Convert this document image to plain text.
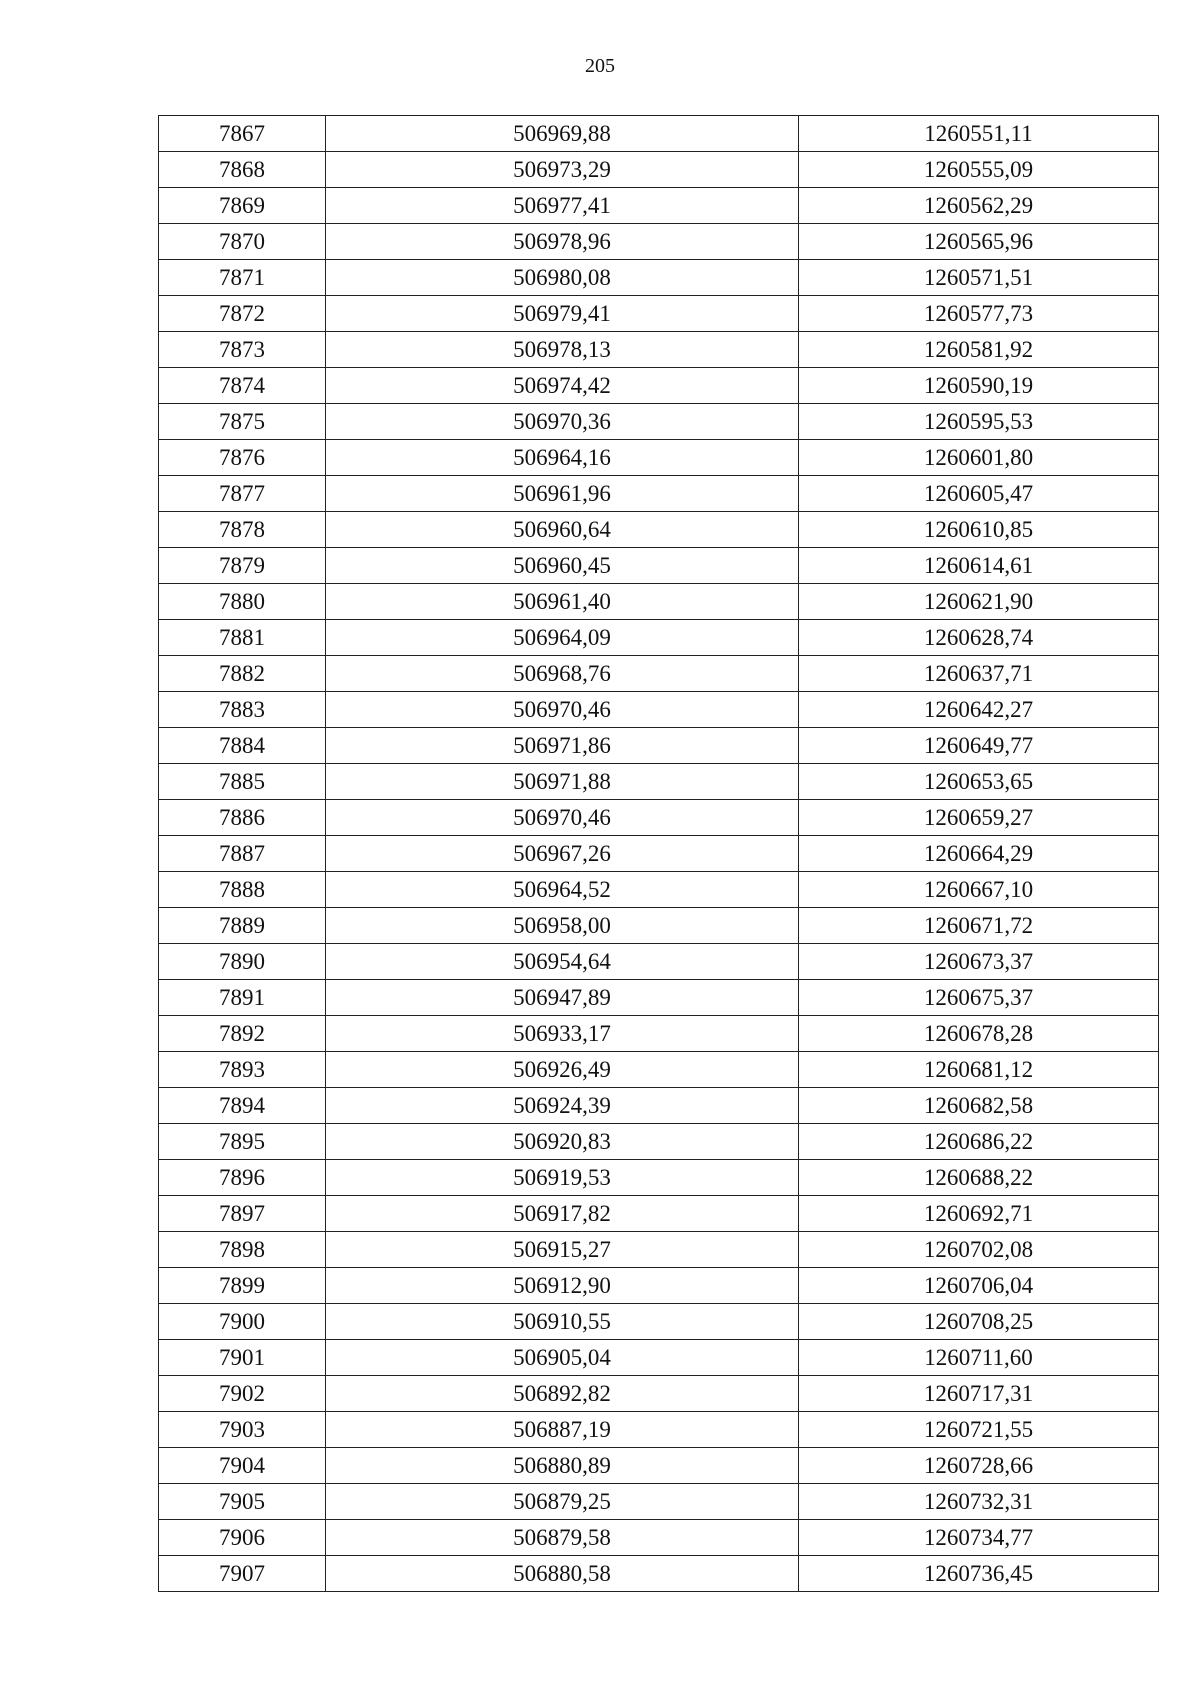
205
7867	506969,88	1260551,11
7868	506973,29	1260555,09
7869	506977,41	1260562,29
7870	506978,96	1260565,96
7871	506980,08	1260571,51
7872	506979,41	1260577,73
7873	506978,13	1260581,92
7874	506974,42	1260590,19
7875	506970,36	1260595,53
7876	506964,16	1260601,80
7877	506961,96	1260605,47
7878	506960,64	1260610,85
7879	506960,45	1260614,61
7880	506961,40	1260621,90
7881	506964,09	1260628,74
7882	506968,76	1260637,71
7883	506970,46	1260642,27
7884	506971,86	1260649,77
7885	506971,88	1260653,65
7886	506970,46	1260659,27
7887	506967,26	1260664,29
7888	506964,52	1260667,10
7889	506958,00	1260671,72
7890	506954,64	1260673,37
7891	506947,89	1260675,37
7892	506933,17	1260678,28
7893	506926,49	1260681,12
7894	506924,39	1260682,58
7895	506920,83	1260686,22
7896	506919,53	1260688,22
7897	506917,82	1260692,71
7898	506915,27	1260702,08
7899	506912,90	1260706,04
7900	506910,55	1260708,25
7901	506905,04	1260711,60
7902	506892,82	1260717,31
7903	506887,19	1260721,55
7904	506880,89	1260728,66
7905	506879,25	1260732,31
7906	506879,58	1260734,77
7907	506880,58	1260736,45
